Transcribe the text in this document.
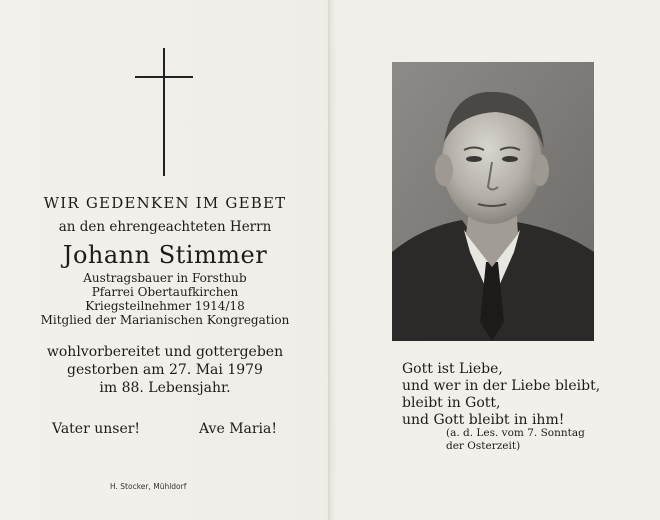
WIR GEDENKEN IM GEBET
an den ehrengeachteten Herrn
Johann Stimmer
Austragsbauer in Forsthub
Pfarrei Obertaufkirchen
Kriegsteilnehmer 1914/18
Mitglied der Marianischen Kongregation
wohlvorbereitet und gottergeben
gestorben am 27. Mai 1979
im 88. Lebensjahr.
Vater unser!	Ave Maria!
H. Stocker, Mühldorf
Gott ist Liebe,
und wer in der Liebe bleibt,
bleibt in Gott,
und Gott bleibt in ihm!
(a. d. Les. vom 7. Sonntag
der Osterzeit)
